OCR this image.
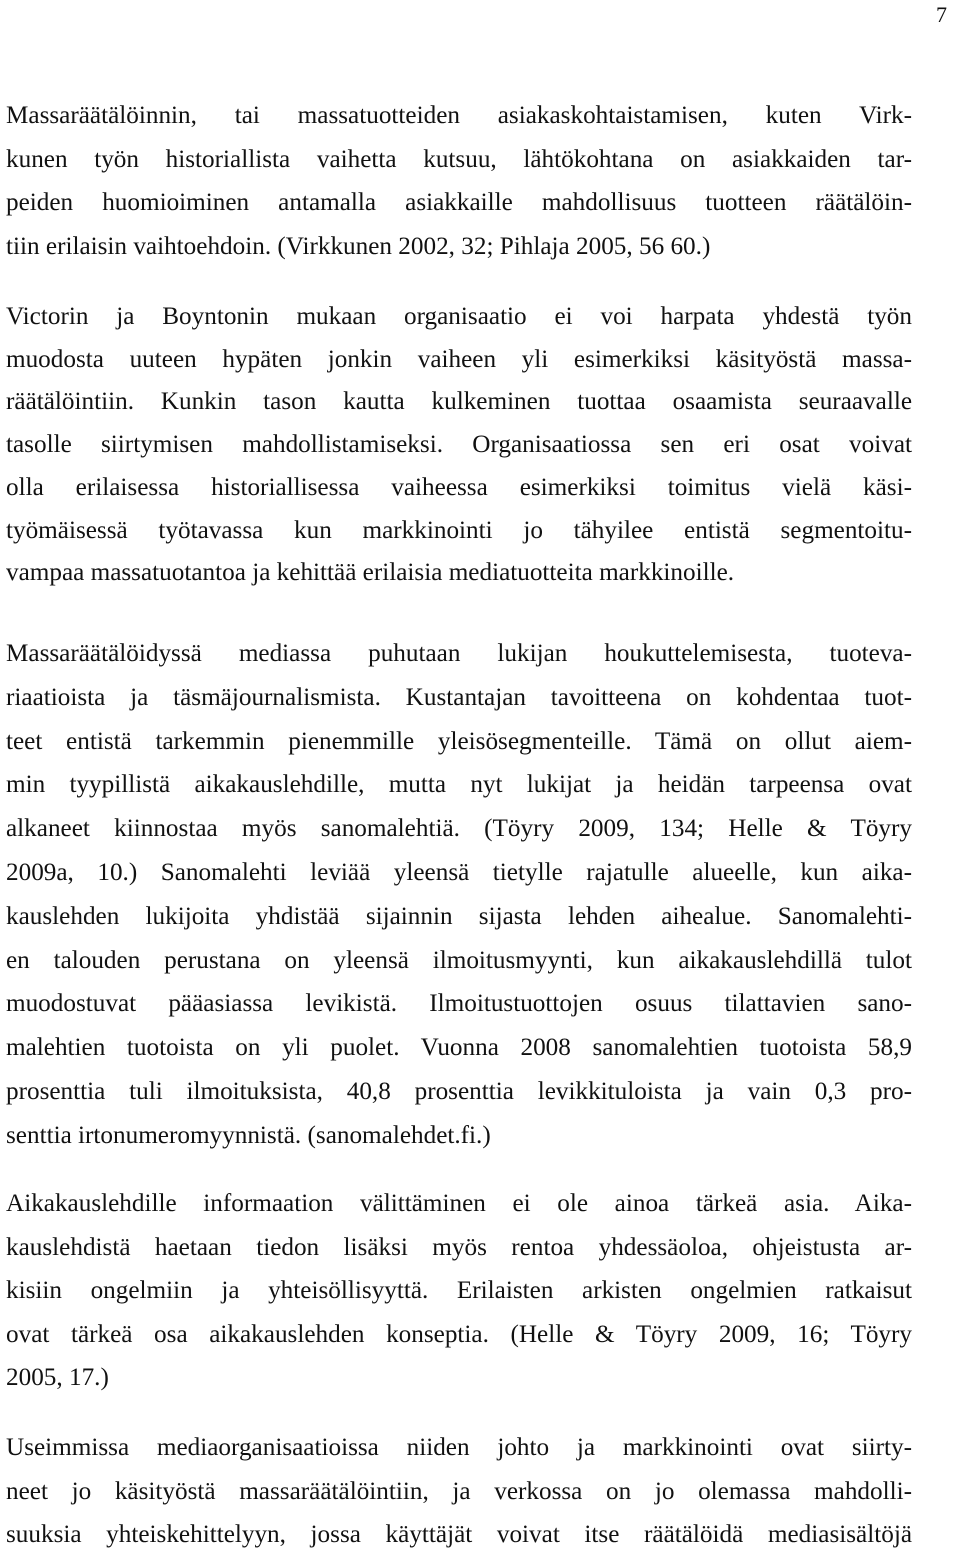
7

Massaräätälöinnin, tai massatuotteiden asiakaskohtaistamisen, kuten Virk-
kunen työn historiallista vaihetta kutsuu, lähtökohtana on asiakkaiden tar-
peiden huomioiminen antamalla asiakkaille mahdollisuus tuotteen räätälöin-
tiin erilaisin vaihtoehdoin. (Virkkunen 2002, 32; Pihlaja 2005, 56 60.)

Victorin ja Boyntonin mukaan organisaatio ei voi harpata yhdestä työn
muodosta uuteen hypäten jonkin vaiheen yli esimerkiksi käsityöstä massa-
räätälöintiin. Kunkin tason kautta kulkeminen tuottaa osaamista seuraavalle
tasolle siirtymisen mahdollistamiseksi. Organisaatiossa sen eri osat voivat
olla erilaisessa historiallisessa vaiheessa esimerkiksi toimitus vielä käsi-
työmäisessä työtavassa kun markkinointi jo tähyilee entistä segmentoitu-
vampaa massatuotantoa ja kehittää erilaisia mediatuotteita markkinoille.

Massaräätälöidyssä mediassa puhutaan lukijan houkuttelemisesta, tuoteva-
riaatioista ja täsmäjournalismista. Kustantajan tavoitteena on kohdentaa tuot-
teet entistä tarkemmin pienemmille yleisösegmenteille. Tämä on ollut aiem-
min tyypillistä aikakauslehdille, mutta nyt lukijat ja heidän tarpeensa ovat
alkaneet kiinnostaa myös sanomalehtiä. (Töyry 2009, 134; Helle & Töyry
2009a, 10.) Sanomalehti leviää yleensä tietylle rajatulle alueelle, kun aika-
kauslehden lukijoita yhdistää sijainnin sijasta lehden aihealue. Sanomalehti-
en talouden perustana on yleensä ilmoitusmyynti, kun aikakauslehdillä tulot
muodostuvat pääasiassa levikistä. Ilmoitustuottojen osuus tilattavien sano-
malehtien tuotoista on yli puolet. Vuonna 2008 sanomalehtien tuotoista 58,9
prosenttia tuli ilmoituksista, 40,8 prosenttia levikkituloista ja vain 0,3 pro-
senttia irtonumeromyynnistä. (sanomalehdet.fi.)

Aikakauslehdille informaation välittäminen ei ole ainoa tärkeä asia. Aika-
kauslehdistä haetaan tiedon lisäksi myös rentoa yhdessäoloa, ohjeistusta ar-
kisiin ongelmiin ja yhteisöllisyyttä. Erilaisten arkisten ongelmien ratkaisut
ovat tärkeä osa aikakauslehden konseptia. (Helle & Töyry 2009, 16; Töyry
2005, 17.)

Useimmissa mediaorganisaatioissa niiden johto ja markkinointi ovat siirty-
neet jo käsityöstä massaräätälöintiin, ja verkossa on jo olemassa mahdolli-
suuksia yhteiskehittelyyn, jossa käyttäjät voivat itse räätälöidä mediasisältöjä
